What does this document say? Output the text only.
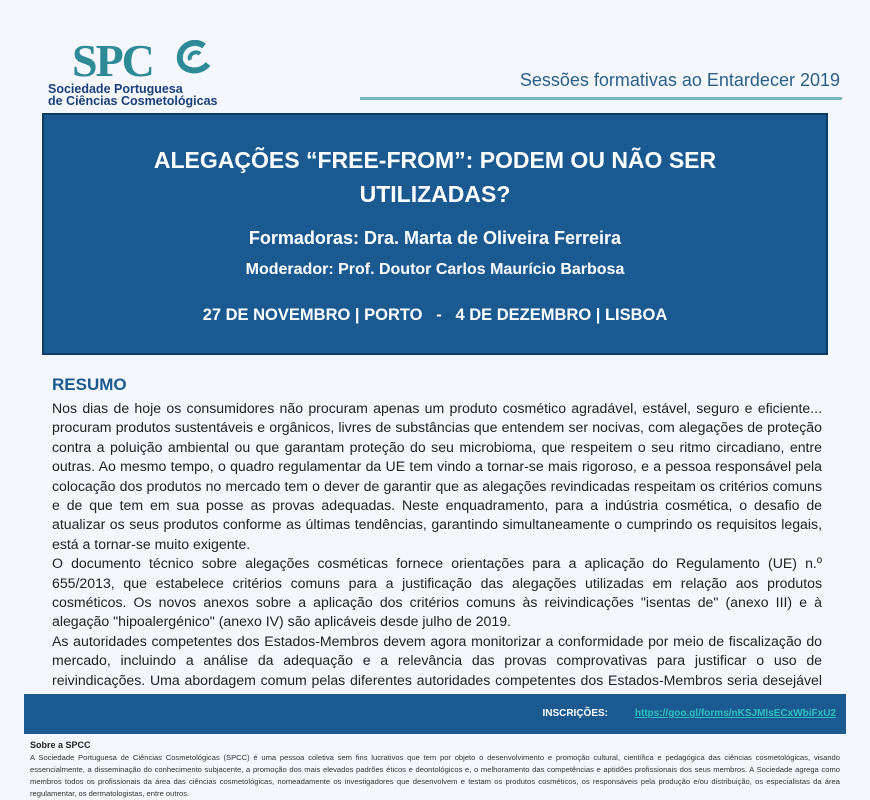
SPC
Sociedade Portuguesa
de Ciências Cosmetológicas
Sessões formativas ao Entardecer 2019
ALEGAÇÕES “FREE-FROM”: PODEM OU NÃO SER UTILIZADAS?
Formadoras: Dra. Marta de Oliveira Ferreira
Moderador: Prof. Doutor Carlos Maurício Barbosa
27 DE NOVEMBRO | PORTO   -   4 DE DEZEMBRO | LISBOA
RESUMO

Nos dias de hoje os consumidores não procuram apenas um produto cosmético agradável, estável, seguro e eficiente... procuram produtos sustentáveis e orgânicos, livres de substâncias que entendem ser nocivas, com alegações de proteção contra a poluição ambiental ou que garantam proteção do seu microbioma, que respeitem o seu ritmo circadiano, entre outras. Ao mesmo tempo, o quadro regulamentar da UE tem vindo a tornar-se mais rigoroso, e a pessoa responsável pela colocação dos produtos no mercado tem o dever de garantir que as alegações revindicadas respeitam os critérios comuns e de que tem em sua posse as provas adequadas. Neste enquadramento, para a indústria cosmética, o desafio de atualizar os seus produtos conforme as últimas tendências, garantindo simultaneamente o cumprindo os requisitos legais, está a tornar-se muito exigente.

O documento técnico sobre alegações cosméticas fornece orientações para a aplicação do Regulamento (UE) n.º 655/2013, que estabelece critérios comuns para a justificação das alegações utilizadas em relação aos produtos cosméticos. Os novos anexos sobre a aplicação dos critérios comuns às reivindicações "isentas de" (anexo III) e à alegação "hipoalergénico" (anexo IV) são aplicáveis desde julho de 2019.

As autoridades competentes dos Estados-Membros devem agora monitorizar a conformidade por meio de fiscalização do mercado, incluindo a análise da adequação e a relevância das provas comprovativas para justificar o uso de reivindicações. Uma abordagem comum pelas diferentes autoridades competentes dos Estados-Membros seria desejável

INSCRIÇÕES:	https://goo.gl/forms/nKSJMlsECxWbiFxU2
Sobre a SPCC
A Sociedade Portuguesa de Ciências Cosmetológicas (SPCC) é uma pessoa coletiva sem fins lucrativos que tem por objeto o desenvolvimento e promoção cultural, científica e pedagógica das ciências cosmetológicas, visando essencialmente, a disseminação do conhecimento subjacente, a promoção dos mais elevados padrões éticos e deontológicos e, o melhoramento das competências e aptidões profissionais dos seus membros. A Sociedade agrega como membros todos os profissionais da área das ciências cosmetológicas, nomeadamente os investigadores que desenvolvem e testam os produtos cosméticos, os responsáveis pela produção e/ou distribuição, os especialistas da área regulamentar, os dermatologistas, entre outros.
